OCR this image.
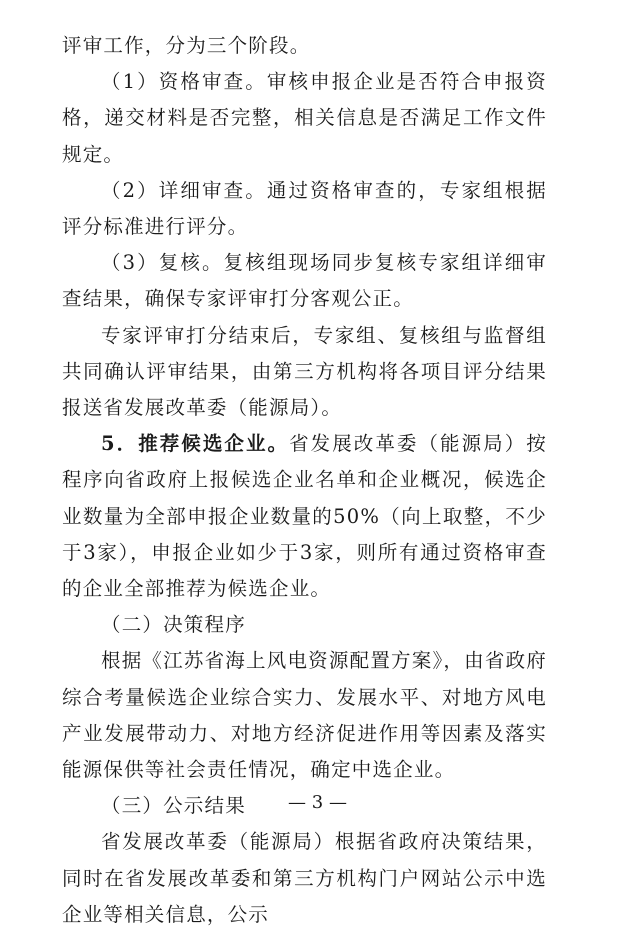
评审工作，分为三个阶段。

（1）资格审查。审核申报企业是否符合申报资格，递交材料是否完整，相关信息是否满足工作文件规定。

（2）详细审查。通过资格审查的，专家组根据评分标准进行评分。

（3）复核。复核组现场同步复核专家组详细审查结果，确保专家评审打分客观公正。

专家评审打分结束后，专家组、复核组与监督组共同确认评审结果，由第三方机构将各项目评分结果报送省发展改革委（能源局）。

5．推荐候选企业。省发展改革委（能源局）按程序向省政府上报候选企业名单和企业概况，候选企业数量为全部申报企业数量的50%（向上取整，不少于3家），申报企业如少于3家，则所有通过资格审查的企业全部推荐为候选企业。

（二）决策程序

根据《江苏省海上风电资源配置方案》，由省政府综合考量候选企业综合实力、发展水平、对地方风电产业发展带动力、对地方经济促进作用等因素及落实能源保供等社会责任情况，确定中选企业。

（三）公示结果

省发展改革委（能源局）根据省政府决策结果，同时在省发展改革委和第三方机构门户网站公示中选企业等相关信息，公示

— 3 —
